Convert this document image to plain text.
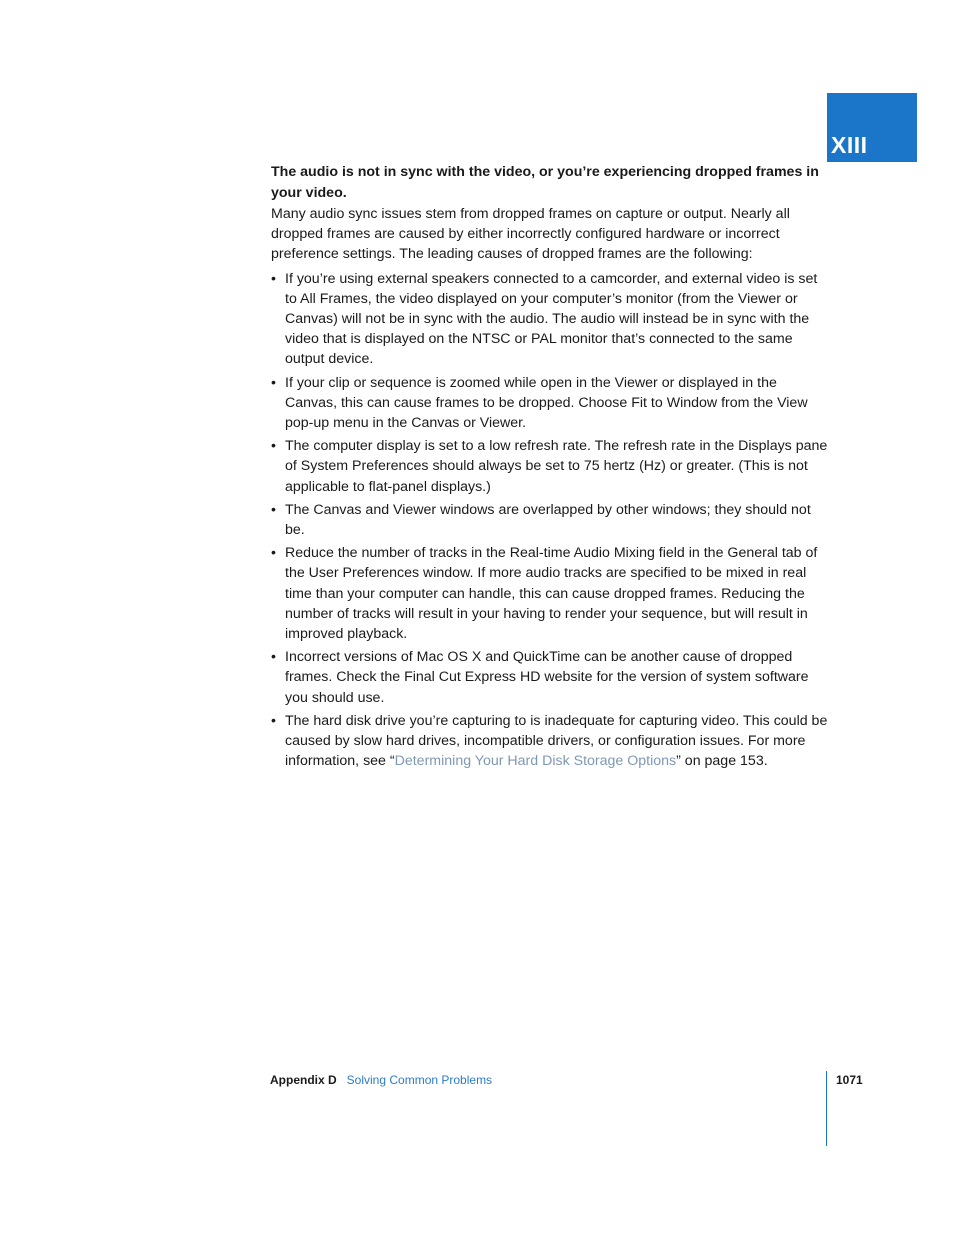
XIII

The audio is not in sync with the video, or you’re experiencing dropped frames in your video.

Many audio sync issues stem from dropped frames on capture or output. Nearly all dropped frames are caused by either incorrectly configured hardware or incorrect preference settings. The leading causes of dropped frames are the following:

• If you’re using external speakers connected to a camcorder, and external video is set to All Frames, the video displayed on your computer’s monitor (from the Viewer or Canvas) will not be in sync with the audio. The audio will instead be in sync with the video that is displayed on the NTSC or PAL monitor that’s connected to the same output device.
• If your clip or sequence is zoomed while open in the Viewer or displayed in the Canvas, this can cause frames to be dropped. Choose Fit to Window from the View pop-up menu in the Canvas or Viewer.
• The computer display is set to a low refresh rate. The refresh rate in the Displays pane of System Preferences should always be set to 75 hertz (Hz) or greater. (This is not applicable to flat-panel displays.)
• The Canvas and Viewer windows are overlapped by other windows; they should not be.
• Reduce the number of tracks in the Real-time Audio Mixing field in the General tab of the User Preferences window. If more audio tracks are specified to be mixed in real time than your computer can handle, this can cause dropped frames. Reducing the number of tracks will result in your having to render your sequence, but will result in improved playback.
• Incorrect versions of Mac OS X and QuickTime can be another cause of dropped frames. Check the Final Cut Express HD website for the version of system software you should use.
• The hard disk drive you’re capturing to is inadequate for capturing video. This could be caused by slow hard drives, incompatible drivers, or configuration issues. For more information, see “Determining Your Hard Disk Storage Options” on page 153.
Appendix D Solving Common Problems	1071
